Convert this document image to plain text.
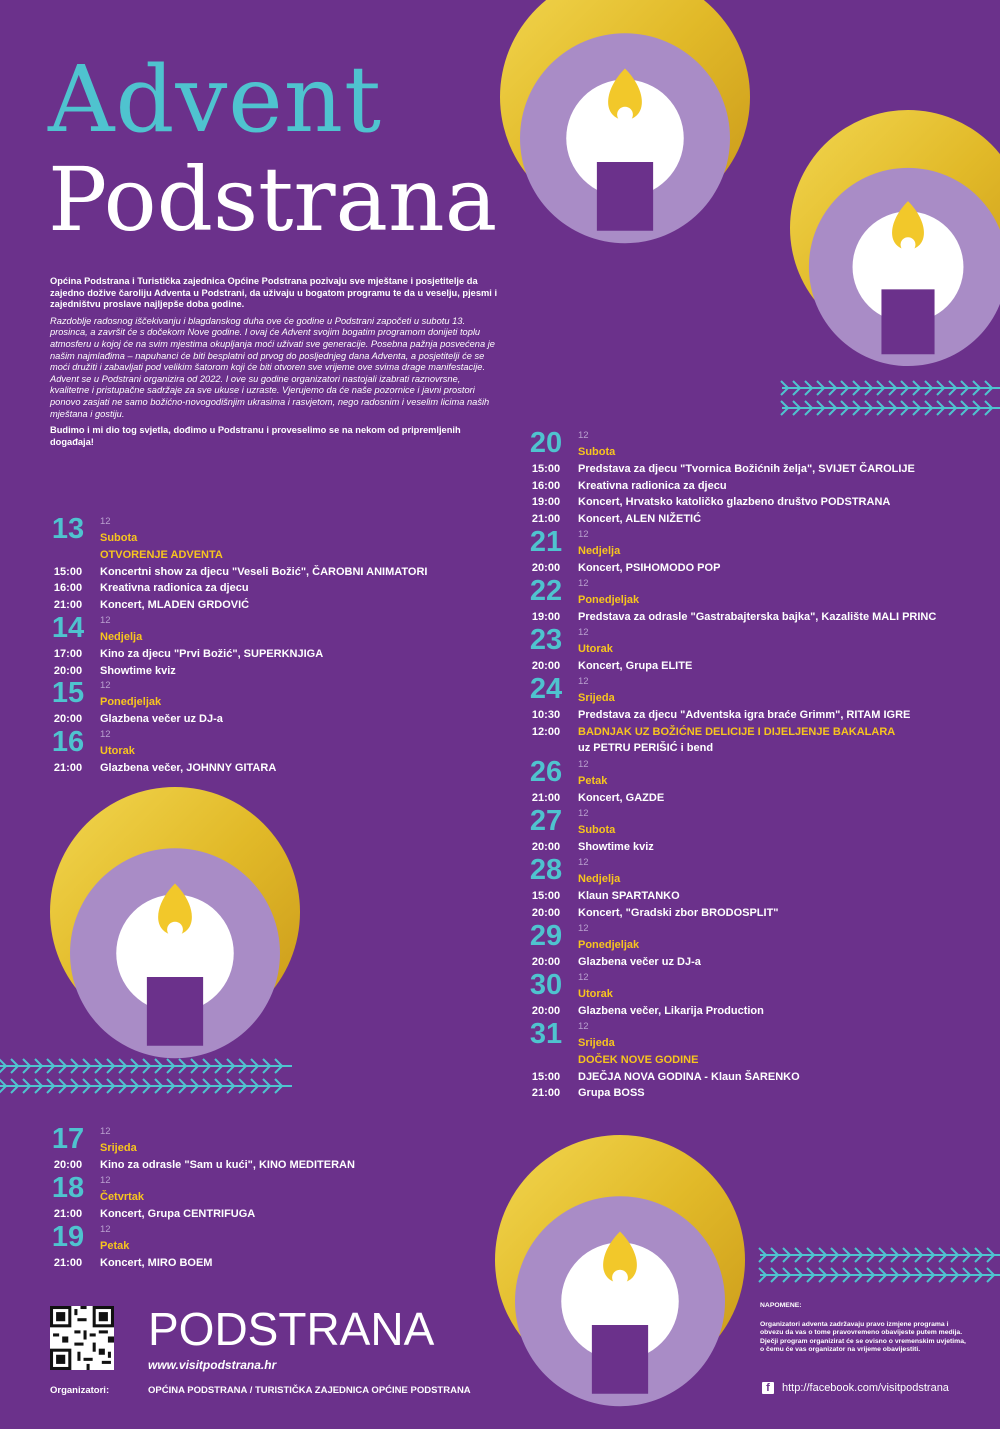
Advent
Podstrana

Općina Podstrana i Turistička zajednica Općine Podstrana pozivaju sve mještane i posjetitelje da zajedno dožive čaroliju Adventa u Podstrani, da uživaju u bogatom programu te da u veselju, pjesmi i zajedništvu proslave najljepše doba godine.

Razdoblje radosnog iščekivanju i blagdanskog duha ove će godine u Podstrani započeti u subotu 13. prosinca, a završit će s dočekom Nove godine. I ovaj će Advent svojim bogatim programom donijeti toplu atmosferu u kojoj će na svim mjestima okupljanja moći uživati sve generacije. Posebna pažnja posvećena je našim najmlađima – napuhanci će biti besplatni od prvog do posljednjeg dana Adventa, a posjetitelji će se moći družiti i zabavljati pod velikim šatorom koji će biti otvoren sve vrijeme ove svima drage manifestacije. Advent se u Podstrani organizira od 2022. I ove su godine organizatori nastojali izabrati raznovrsne, kvalitetne i pristupačne sadržaje za sve ukuse i uzraste. Vjerujemo da će naše pozornice i javni prostori ponovo zasjati ne samo božićno-novogodišnjim ukrasima i rasvjetom, nego radosnim i veselim licima naših mještana i gostiju.

Budimo i mi dio tog svjetla, dođimo u Podstranu i proveselimo se na nekom od pripremljenih događaja!

13	12
Subota
OTVORENJE ADVENTA
15:00	Koncertni show za djecu "Veseli Božić", ČAROBNI ANIMATORI
16:00	Kreativna radionica za djecu
21:00	Koncert, MLADEN GRDOVIĆ
14	12
Nedjelja
17:00	Kino za djecu "Prvi Božić", SUPERKNJIGA
20:00	Showtime kviz
15	12
Ponedjeljak
20:00	Glazbena večer uz DJ-a
16	12
Utorak
21:00	Glazbena večer, JOHNNY GITARA
17	12
Srijeda
20:00	Kino za odrasle "Sam u kući", KINO MEDITERAN
18	12
Četvrtak
21:00	Koncert, Grupa CENTRIFUGA
19	12
Petak
21:00	Koncert, MIRO BOEM
20	12
Subota
15:00	Predstava za djecu "Tvornica Božićnih želja", SVIJET ČAROLIJE
16:00	Kreativna radionica za djecu
19:00	Koncert, Hrvatsko katoličko glazbeno društvo PODSTRANA
21:00	Koncert, ALEN NIŽETIĆ
21	12
Nedjelja
20:00	Koncert, PSIHOMODO POP
22	12
Ponedjeljak
19:00	Predstava za odrasle "Gastrabajterska bajka", Kazalište MALI PRINC
23	12
Utorak
20:00	Koncert, Grupa ELITE
24	12
Srijeda
10:30	Predstava za djecu "Adventska igra braće Grimm", RITAM IGRE
12:00	BADNJAK UZ BOŽIĆNE DELICIJE I DIJELJENJE BAKALARA
uz PETRU PERIŠIĆ i bend
26	12
Petak
21:00	Koncert, GAZDE
27	12
Subota
20:00	Showtime kviz
28	12
Nedjelja
15:00	Klaun SPARTANKO
20:00	Koncert, "Gradski zbor BRODOSPLIT"
29	12
Ponedjeljak
20:00	Glazbena večer uz DJ-a
30	12
Utorak
20:00	Glazbena večer, Likarija Production
31	12
Srijeda
DOČEK NOVE GODINE
15:00	DJEČJA NOVA GODINA - Klaun ŠARENKO
21:00	Grupa BOSS
PODSTRANA
www.visitpodstrana.hr
Organizatori:	OPĆINA PODSTRANA / TURISTIČKA ZAJEDNICA OPĆINE PODSTRANA
NAPOMENE:
Organizatori adventa zadržavaju pravo izmjene programa i obvezu da vas o tome pravovremeno obavijeste putem medija.
Dječji program organizirat će se ovisno o vremenskim uvjetima, o čemu će vas organizator na vrijeme obavijestiti.
f	http://facebook.com/visitpodstrana
